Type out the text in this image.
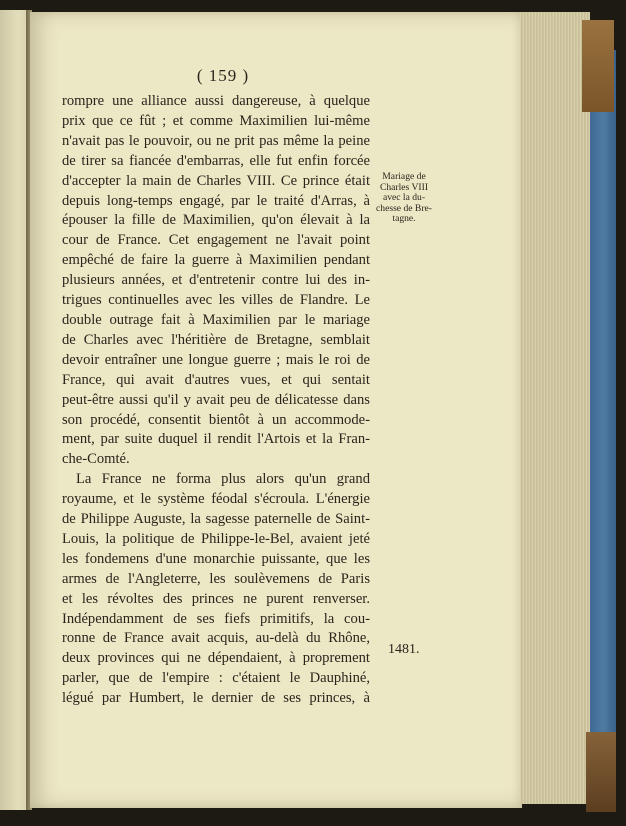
( 159 )
rompre une alliance aussi dangereuse, à quelque
prix que ce fût ; et comme Maximilien lui-même
n'avait pas le pouvoir, ou ne prit pas même la peine
de tirer sa fiancée d'embarras, elle fut enfin forcée
d'accepter la main de Charles VIII. Ce prince était
depuis long-temps engagé, par le traité d'Arras, à
épouser la fille de Maximilien, qu'on élevait à la
cour de France. Cet engagement ne l'avait point
empêché de faire la guerre à Maximilien pendant
plusieurs années, et d'entretenir contre lui des in-
trigues continuelles avec les villes de Flandre. Le
double outrage fait à Maximilien par le mariage
de Charles avec l'héritière de Bretagne, semblait
devoir entraîner une longue guerre ; mais le roi de
France, qui avait d'autres vues, et qui sentait
peut-être aussi qu'il y avait peu de délicatesse dans
son procédé, consentit bientôt à un accommode-
ment, par suite duquel il rendit l'Artois et la Fran-
che-Comté.
La France ne forma plus alors qu'un grand
royaume, et le système féodal s'écroula. L'énergie
de Philippe Auguste, la sagesse paternelle de Saint-
Louis, la politique de Philippe-le-Bel, avaient jeté
les fondemens d'une monarchie puissante, que les
armes de l'Angleterre, les soulèvemens de Paris
et les révoltes des princes ne purent renverser.
Indépendamment de ses fiefs primitifs, la cou-
ronne de France avait acquis, au-delà du Rhône,
deux provinces qui ne dépendaient, à proprement
parler, que de l'empire : c'étaient le Dauphiné,
légué par Humbert, le dernier de ses princes, à
Mariage de
Charles VIII
avec la du-
chesse de Bre-
tagne.
1481.
